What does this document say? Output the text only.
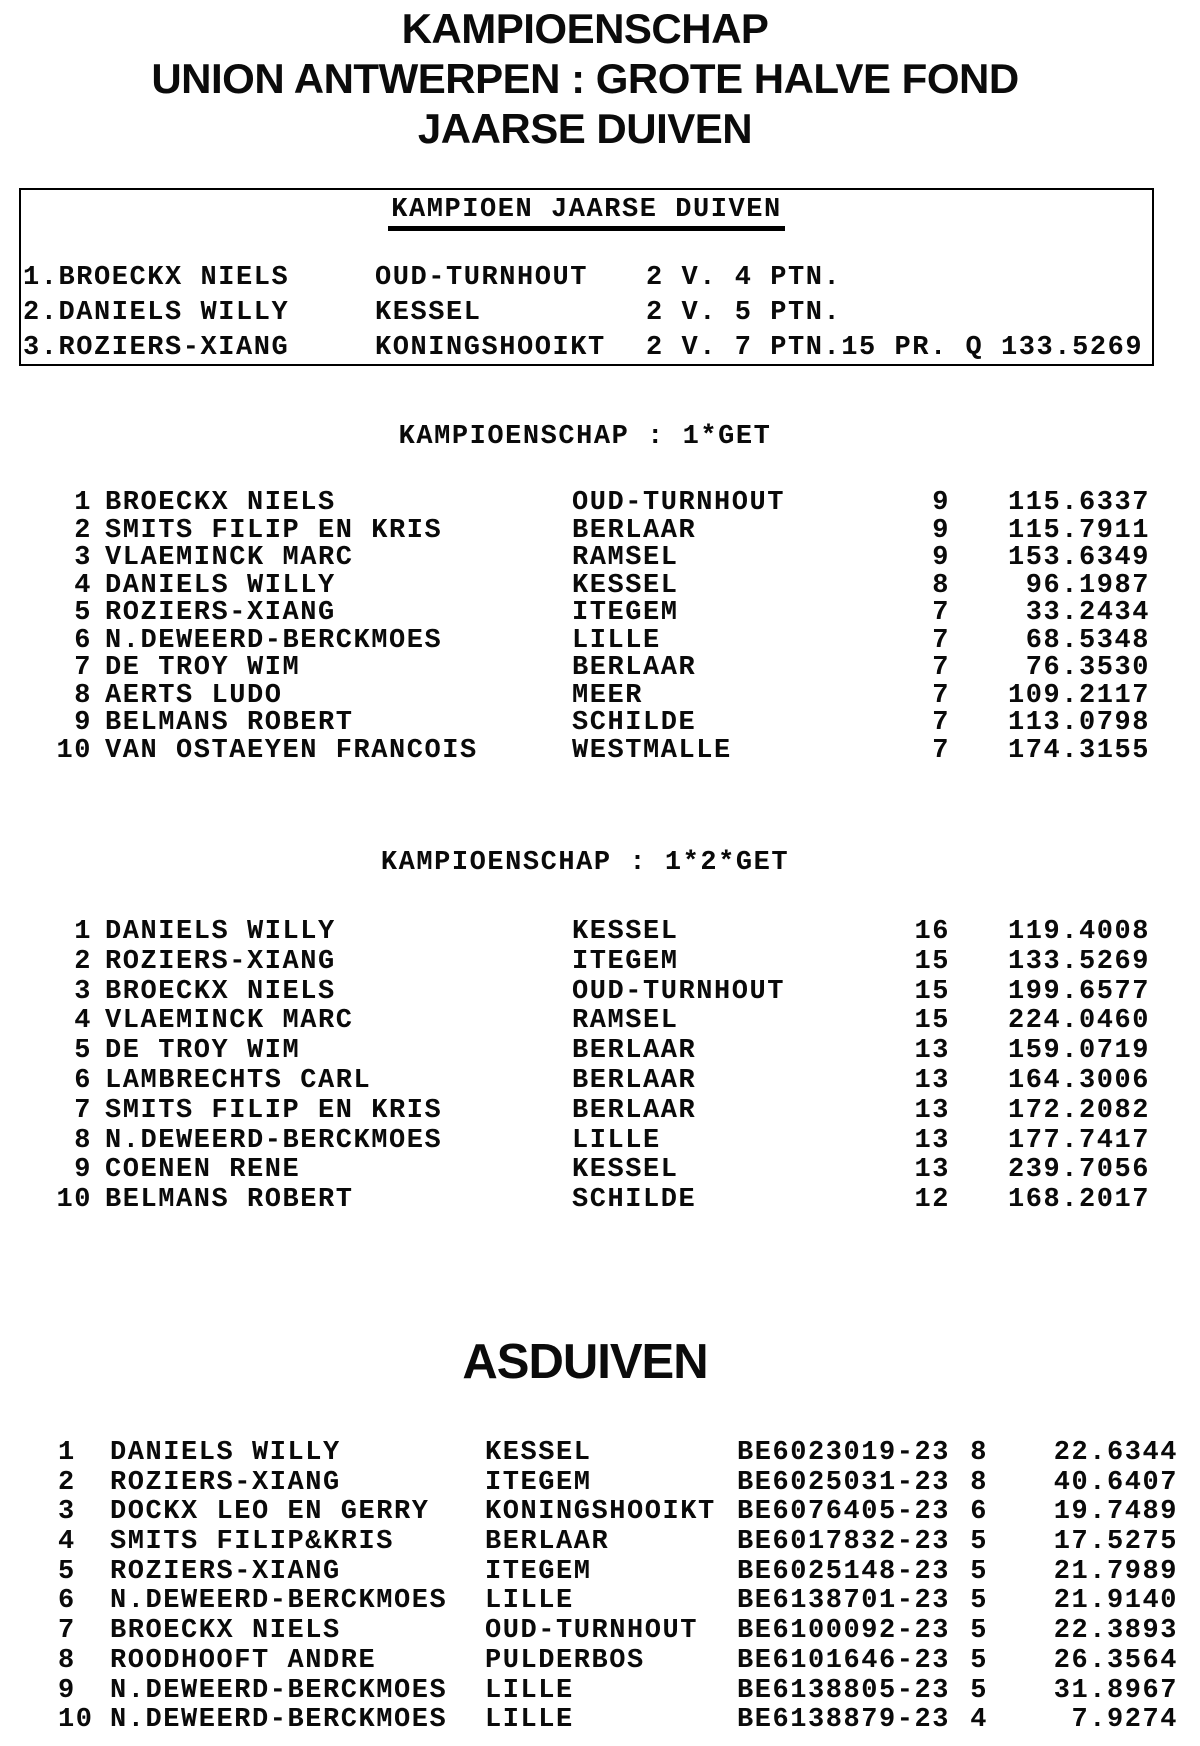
KAMPIOENSCHAP
UNION ANTWERPEN : GROTE HALVE FOND
JAARSE DUIVEN
KAMPIOEN JAARSE DUIVEN
1.BROECKX NIELS	OUD-TURNHOUT	2 V. 4 PTN.
2.DANIELS WILLY	KESSEL	2 V. 5 PTN.
3.ROZIERS-XIANG	KONINGSHOOIKT	2 V. 7 PTN.15 PR. Q 133.5269
KAMPIOENSCHAP : 1*GET
1 BROECKX NIELS	OUD-TURNHOUT	9	115.6337
2 SMITS FILIP EN KRIS	BERLAAR	9	115.7911
3 VLAEMINCK MARC	RAMSEL	9	153.6349
4 DANIELS WILLY	KESSEL	8	96.1987
5 ROZIERS-XIANG	ITEGEM	7	33.2434
6 N.DEWEERD-BERCKMOES	LILLE	7	68.5348
7 DE TROY WIM	BERLAAR	7	76.3530
8 AERTS LUDO	MEER	7	109.2117
9 BELMANS ROBERT	SCHILDE	7	113.0798
10 VAN OSTAEYEN FRANCOIS	WESTMALLE	7	174.3155
KAMPIOENSCHAP : 1*2*GET
1 DANIELS WILLY	KESSEL	16	119.4008
2 ROZIERS-XIANG	ITEGEM	15	133.5269
3 BROECKX NIELS	OUD-TURNHOUT	15	199.6577
4 VLAEMINCK MARC	RAMSEL	15	224.0460
5 DE TROY WIM	BERLAAR	13	159.0719
6 LAMBRECHTS CARL	BERLAAR	13	164.3006
7 SMITS FILIP EN KRIS	BERLAAR	13	172.2082
8 N.DEWEERD-BERCKMOES	LILLE	13	177.7417
9 COENEN RENE	KESSEL	13	239.7056
10 BELMANS ROBERT	SCHILDE	12	168.2017
ASDUIVEN
1	DANIELS WILLY	KESSEL	BE6023019-23 8	22.6344
2	ROZIERS-XIANG	ITEGEM	BE6025031-23 8	40.6407
3	DOCKX LEO EN GERRY	KONINGSHOOIKT BE6076405-23 6	19.7489
4	SMITS FILIP&KRIS	BERLAAR	BE6017832-23 5	17.5275
5	ROZIERS-XIANG	ITEGEM	BE6025148-23 5	21.7989
6	N.DEWEERD-BERCKMOES	LILLE	BE6138701-23 5	21.9140
7	BROECKX NIELS	OUD-TURNHOUT	BE6100092-23 5	22.3893
8	ROODHOOFT ANDRE	PULDERBOS	BE6101646-23 5	26.3564
9	N.DEWEERD-BERCKMOES	LILLE	BE6138805-23 5	31.8967
10 N.DEWEERD-BERCKMOES	LILLE	BE6138879-23 4	7.9274
